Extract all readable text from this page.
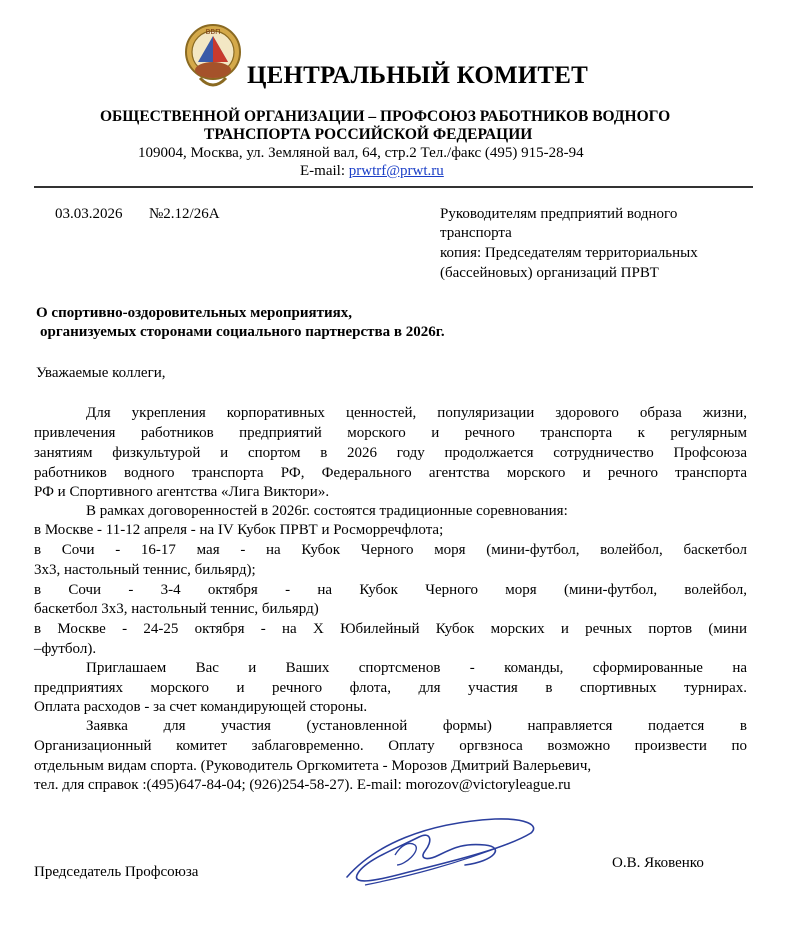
ВВП
ЦЕНТРАЛЬНЫЙ КОМИТЕТ
ОБЩЕСТВЕННОЙ ОРГАНИЗАЦИИ – ПРОФСОЮЗ РАБОТНИКОВ ВОДНОГО
ТРАНСПОРТА РОССИЙСКОЙ ФЕДЕРАЦИИ
109004, Москва, ул. Земляной вал, 64, стр.2 Тел./факс (495) 915-28-94
E-mail: prwtrf@prwt.ru
03.03.2026 №2.12/26А	Руководителям предприятий водного
транспорта
копия: Председателям территориальных
(бассейновых) организаций ПРВТ
О спортивно-оздоровительных мероприятиях,
организуемых сторонами социального партнерства в 2026г.
Уважаемые коллеги,
Для укрепления корпоративных ценностей, популяризации здорового образа жизни,
привлечения работников предприятий морского и речного транспорта к регулярным
занятиям физкультурой и спортом в 2026 году продолжается сотрудничество Профсоюза
работников водного транспорта РФ, Федерального агентства морского и речного транспорта
РФ и Спортивного агентства «Лига Виктори».
В рамках договоренностей в 2026г. состоятся традиционные соревнования:
в Москве - 11-12 апреля - на IV Кубок ПРВТ и Росморречфлота;
в Сочи - 16-17 мая - на Кубок Черного моря (мини-футбол, волейбол, баскетбол
3х3, настольный теннис, бильярд);
в Сочи - 3-4 октября - на Кубок Черного моря (мини-футбол, волейбол,
баскетбол 3х3, настольный теннис, бильярд)
в Москве - 24-25 октября - на Х Юбилейный Кубок морских и речных портов (мини
–футбол).
Приглашаем Вас и Ваших спортсменов - команды, сформированные на
предприятиях морского и речного флота, для участия в спортивных турнирах.
Оплата расходов - за счет командирующей стороны.
Заявка для участия (установленной формы) направляется подается в
Организационный комитет заблаговременно. Оплату оргвзноса возможно произвести по
отдельным видам спорта. (Руководитель Оргкомитета - Морозов Дмитрий Валерьевич,
тел. для справок :(495)647-84-04; (926)254-58-27). E-mail: morozov@victoryleague.ru
Председатель Профсоюза
О.В. Яковенко
